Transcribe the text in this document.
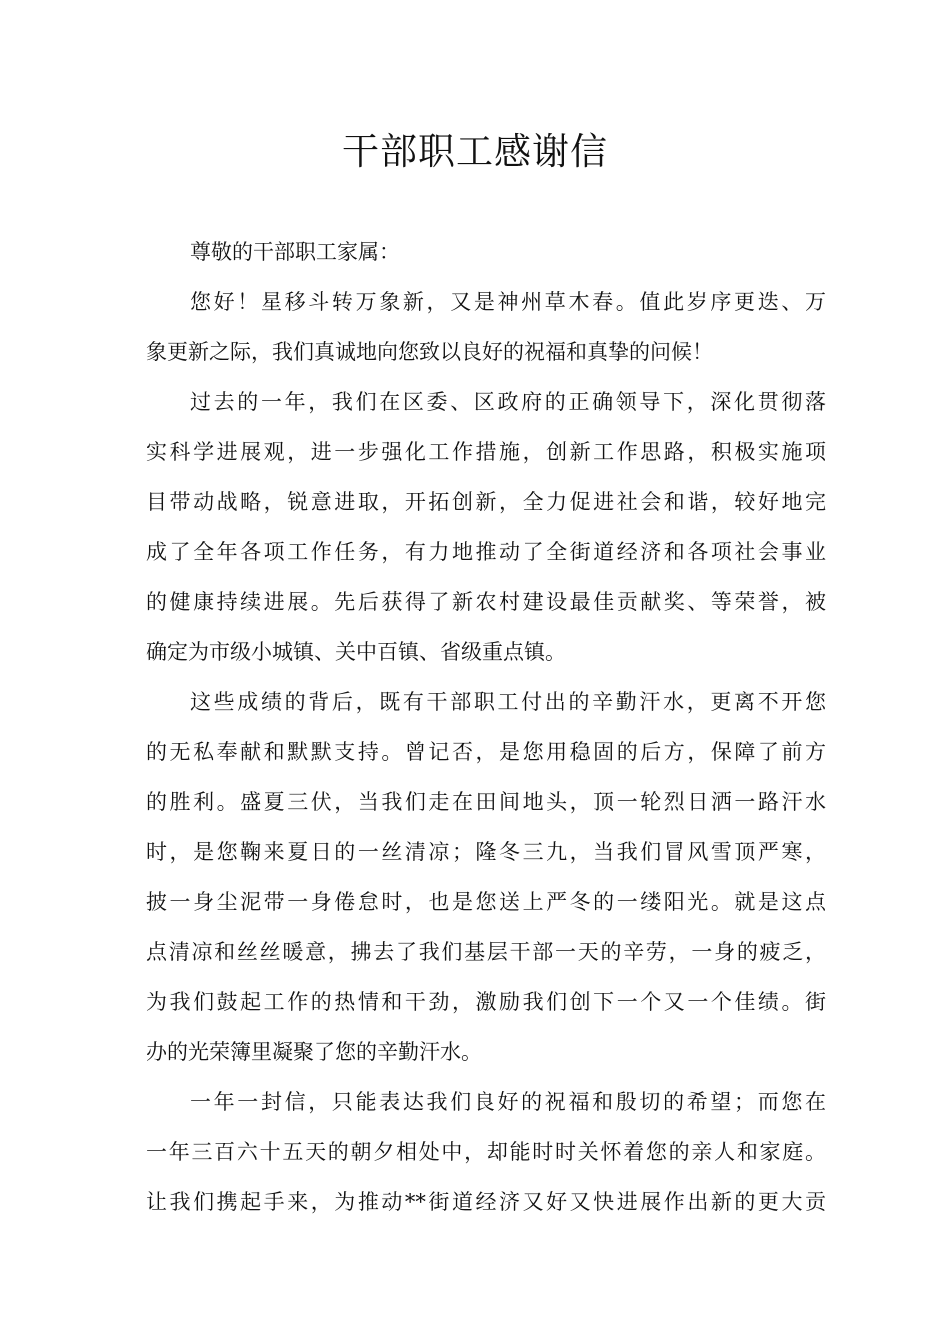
干部职工感谢信
尊敬的干部职工家属：
您好！星移斗转万象新，又是神州草木春。值此岁序更迭、万
象更新之际，我们真诚地向您致以良好的祝福和真挚的问候！
过去的一年，我们在区委、区政府的正确领导下，深化贯彻落
实科学进展观，进一步强化工作措施，创新工作思路，积极实施项
目带动战略，锐意进取，开拓创新，全力促进社会和谐，较好地完
成了全年各项工作任务，有力地推动了全街道经济和各项社会事业
的健康持续进展。先后获得了新农村建设最佳贡献奖、等荣誉，被
确定为市级小城镇、关中百镇、省级重点镇。
这些成绩的背后，既有干部职工付出的辛勤汗水，更离不开您
的无私奉献和默默支持。曾记否，是您用稳固的后方，保障了前方
的胜利。盛夏三伏，当我们走在田间地头，顶一轮烈日洒一路汗水
时，是您鞠来夏日的一丝清凉；隆冬三九，当我们冒风雪顶严寒，
披一身尘泥带一身倦怠时，也是您送上严冬的一缕阳光。就是这点
点清凉和丝丝暖意，拂去了我们基层干部一天的辛劳，一身的疲乏，
为我们鼓起工作的热情和干劲，激励我们创下一个又一个佳绩。街
办的光荣簿里凝聚了您的辛勤汗水。
一年一封信，只能表达我们良好的祝福和殷切的希望；而您在
一年三百六十五天的朝夕相处中，却能时时关怀着您的亲人和家庭。
让我们携起手来，为推动**街道经济又好又快进展作出新的更大贡
